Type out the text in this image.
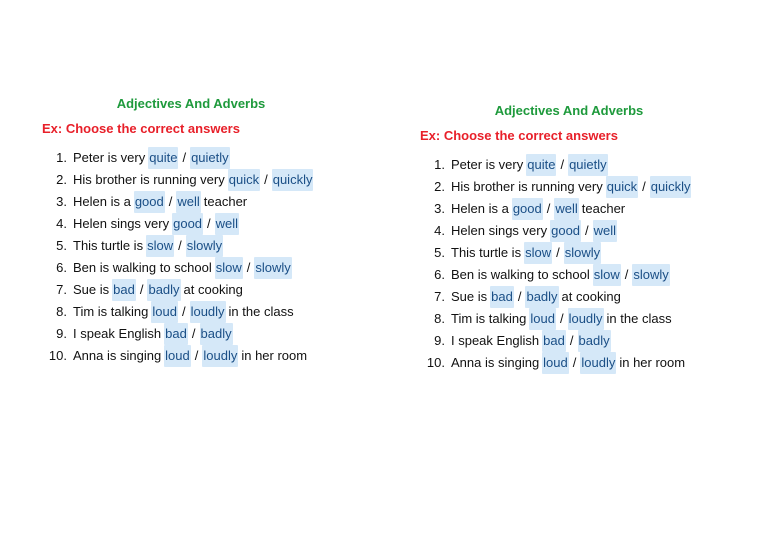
Adjectives And Adverbs
Ex: Choose the correct answers
1. Peter is very quite / quietly
2. His brother is running very quick / quickly
3. Helen is a good / well teacher
4. Helen sings very good / well
5. This turtle is slow / slowly
6. Ben is walking to school slow / slowly
7. Sue is bad / badly at cooking
8. Tim is talking loud / loudly in the class
9. I speak English bad / badly
10. Anna is singing loud / loudly in her room
Adjectives And Adverbs
Ex: Choose the correct answers
1. Peter is very quite / quietly
2. His brother is running very quick / quickly
3. Helen is a good / well teacher
4. Helen sings very good / well
5. This turtle is slow / slowly
6. Ben is walking to school slow / slowly
7. Sue is bad / badly at cooking
8. Tim is talking loud / loudly in the class
9. I speak English bad / badly
10. Anna is singing loud / loudly in her room
